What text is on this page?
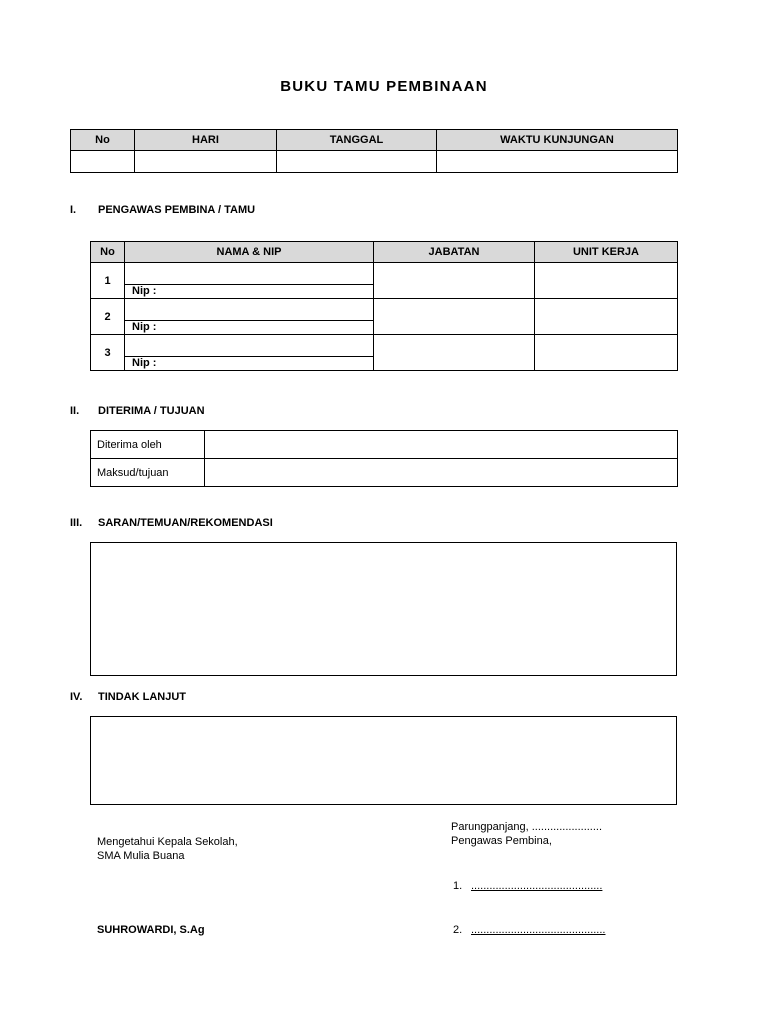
BUKU TAMU PEMBINAAN
No	HARI	TANGGAL	WAKTU KUNJUNGAN

I. PENGAWAS PEMBINA / TAMU
No	NAMA & NIP	JABATAN	UNIT KERJA
1			
	Nip :		
2			
	Nip :		
3			
	Nip :		
II. DITERIMA / TUJUAN
Diterima oleh	
Maksud/tujuan	
III. SARAN/TEMUAN/REKOMENDASI
IV. TINDAK LANJUT
Mengetahui Kepala Sekolah,
SMA Mulia Buana
SUHROWARDI, S.Ag
Parungpanjang, .......................
Pengawas Pembina,
1. ...........................................
2. ............................................
